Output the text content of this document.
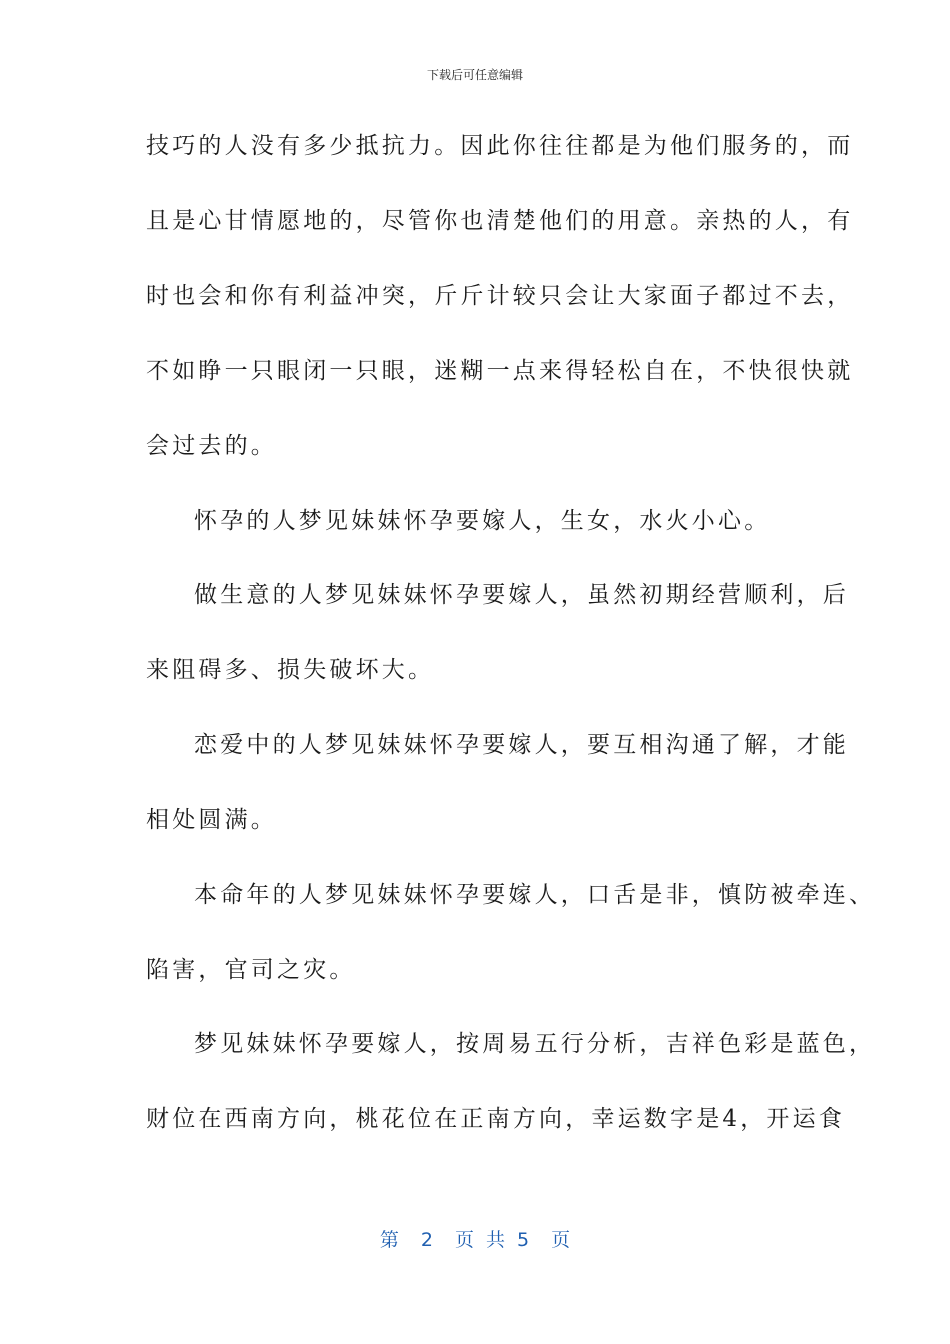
下载后可任意编辑
技巧的人没有多少抵抗力。因此你往往都是为他们服务的，而
且是心甘情愿地的，尽管你也清楚他们的用意。亲热的人，有
时也会和你有利益冲突，斤斤计较只会让大家面子都过不去，
不如睁一只眼闭一只眼，迷糊一点来得轻松自在，不快很快就
会过去的。
怀孕的人梦见妹妹怀孕要嫁人，生女，水火小心。
做生意的人梦见妹妹怀孕要嫁人，虽然初期经营顺利，后
来阻碍多、损失破坏大。
恋爱中的人梦见妹妹怀孕要嫁人，要互相沟通了解，才能
相处圆满。
本命年的人梦见妹妹怀孕要嫁人，口舌是非，慎防被牵连、
陷害，官司之灾。
梦见妹妹怀孕要嫁人，按周易五行分析，吉祥色彩是蓝色，
财位在西南方向，桃花位在正南方向，幸运数字是4，开运食
第 2 页 共 5 页
